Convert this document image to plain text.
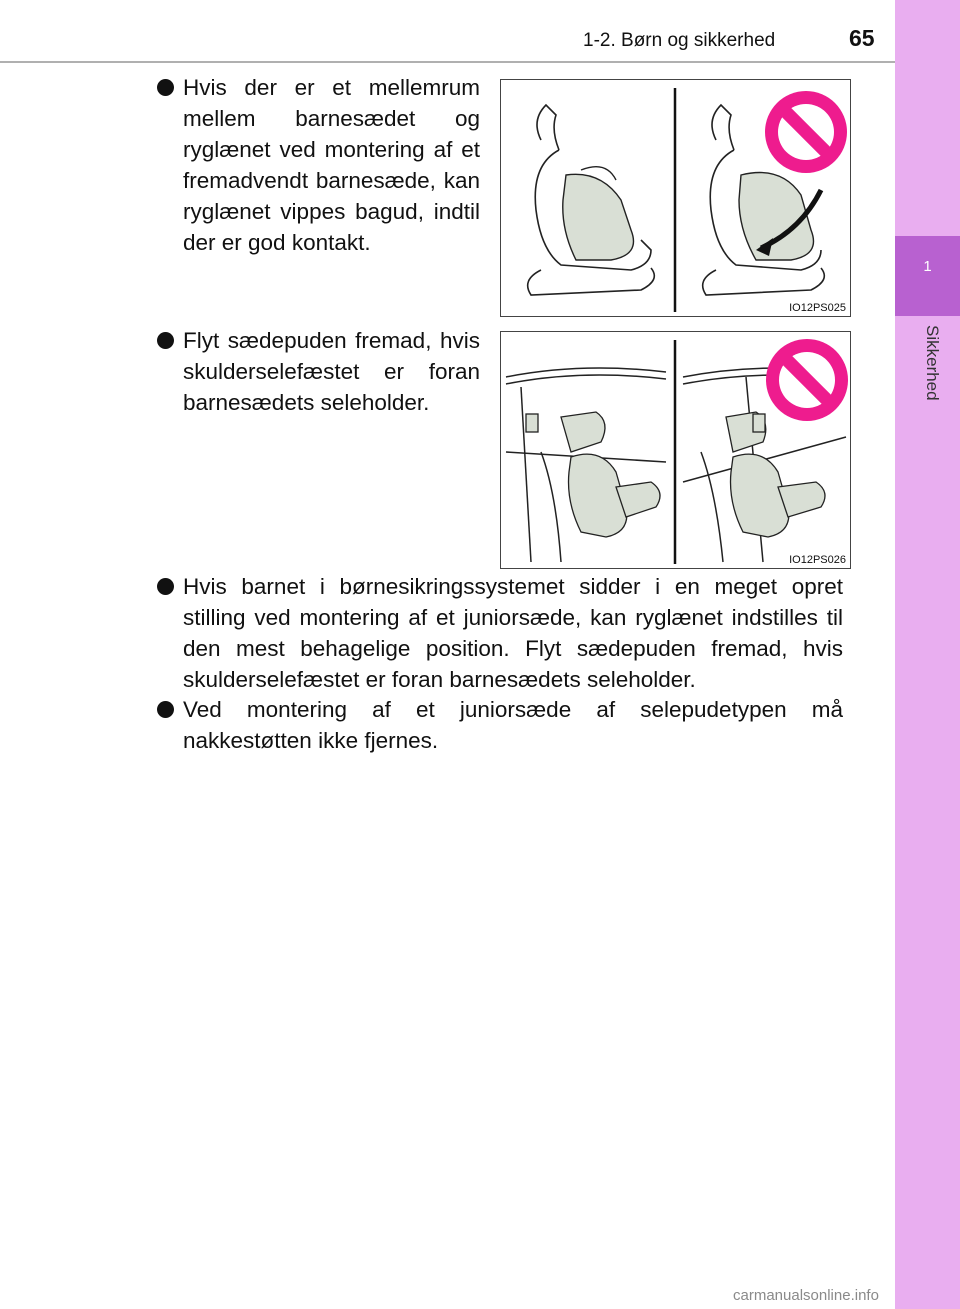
1-2. Børn og sikkerhed	65
1
Sikkerhed
Hvis der er et mellemrum mellem barnesædet og ryglænet ved montering af et fremadvendt barnesæde, kan ryglænet vippes bagud, indtil der er god kontakt.
IO12PS025
Flyt sædepuden fremad, hvis skulderselefæstet er foran barnesædets seleholder.
IO12PS026
Hvis barnet i børnesikringssystemet sidder i en meget opret stilling ved montering af et juniorsæde, kan ryglænet indstilles til den mest behagelige position. Flyt sædepuden fremad, hvis skulderselefæstet er foran barnesædets seleholder.
Ved montering af et juniorsæde af selepudetypen må nakkestøtten ikke fjernes.
carmanualsonline.info
